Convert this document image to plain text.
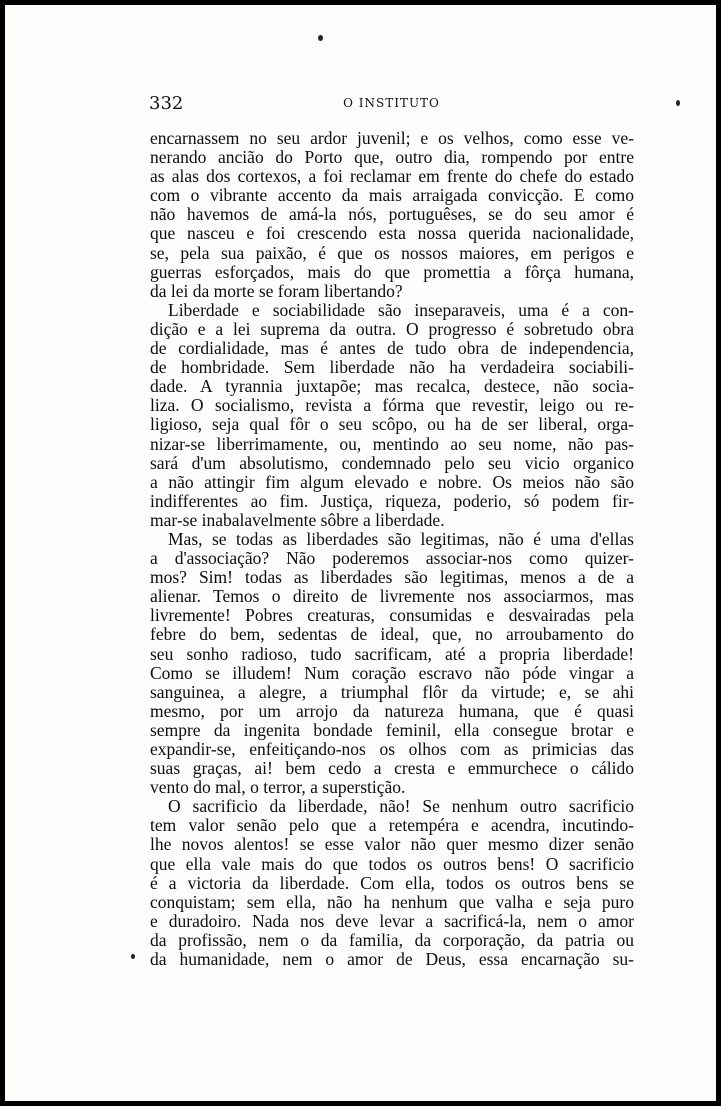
332	O INSTITUTO

encarnassem no seu ardor juvenil; e os velhos, como esse ve-
nerando ancião do Porto que, outro dia, rompendo por entre
as alas dos cortexos, a foi reclamar em frente do chefe do estado
com o vibrante accento da mais arraigada convicção. E como
não havemos de amá-la nós, portuguêses, se do seu amor é
que nasceu e foi crescendo esta nossa querida nacionalidade,
se, pela sua paixão, é que os nossos maiores, em perigos e
guerras esforçados, mais do que promettia a fôrça humana,
da lei da morte se foram libertando?

Liberdade e sociabilidade são inseparaveis, uma é a con-
dição e a lei suprema da outra. O progresso é sobretudo obra
de cordialidade, mas é antes de tudo obra de independencia,
de hombridade. Sem liberdade não ha verdadeira sociabili-
dade. A tyrannia juxtapõe; mas recalca, destece, não socia-
liza. O socialismo, revista a fórma que revestir, leigo ou re-
ligioso, seja qual fôr o seu scôpo, ou ha de ser liberal, orga-
nizar-se liberrimamente, ou, mentindo ao seu nome, não pas-
sará d'um absolutismo, condemnado pelo seu vicio organico
a não attingir fim algum elevado e nobre. Os meios não são
indifferentes ao fim. Justiça, riqueza, poderio, só podem fir-
mar-se inabalavelmente sôbre a liberdade.

Mas, se todas as liberdades são legitimas, não é uma d'ellas
a d'associação? Não poderemos associar-nos como quizer-
mos? Sim! todas as liberdades são legitimas, menos a de a
alienar. Temos o direito de livremente nos associarmos, mas
livremente! Pobres creaturas, consumidas e desvairadas pela
febre do bem, sedentas de ideal, que, no arroubamento do
seu sonho radioso, tudo sacrificam, até a propria liberdade!
Como se illudem! Num coração escravo não póde vingar a
sanguinea, a alegre, a triumphal flôr da virtude; e, se ahi
mesmo, por um arrojo da natureza humana, que é quasi
sempre da ingenita bondade feminil, ella consegue brotar e
expandir-se, enfeitiçando-nos os olhos com as primicias das
suas graças, ai! bem cedo a cresta e emmurchece o cálido
vento do mal, o terror, a superstição.

O sacrificio da liberdade, não! Se nenhum outro sacrificio
tem valor senão pelo que a retempéra e acendra, incutindo-
lhe novos alentos! se esse valor não quer mesmo dizer senão
que ella vale mais do que todos os outros bens! O sacrificio
é a victoria da liberdade. Com ella, todos os outros bens se
conquistam; sem ella, não ha nenhum que valha e seja puro
e duradoiro. Nada nos deve levar a sacrificá-la, nem o amor
da profissão, nem o da familia, da corporação, da patria ou
da humanidade, nem o amor de Deus, essa encarnação su-
